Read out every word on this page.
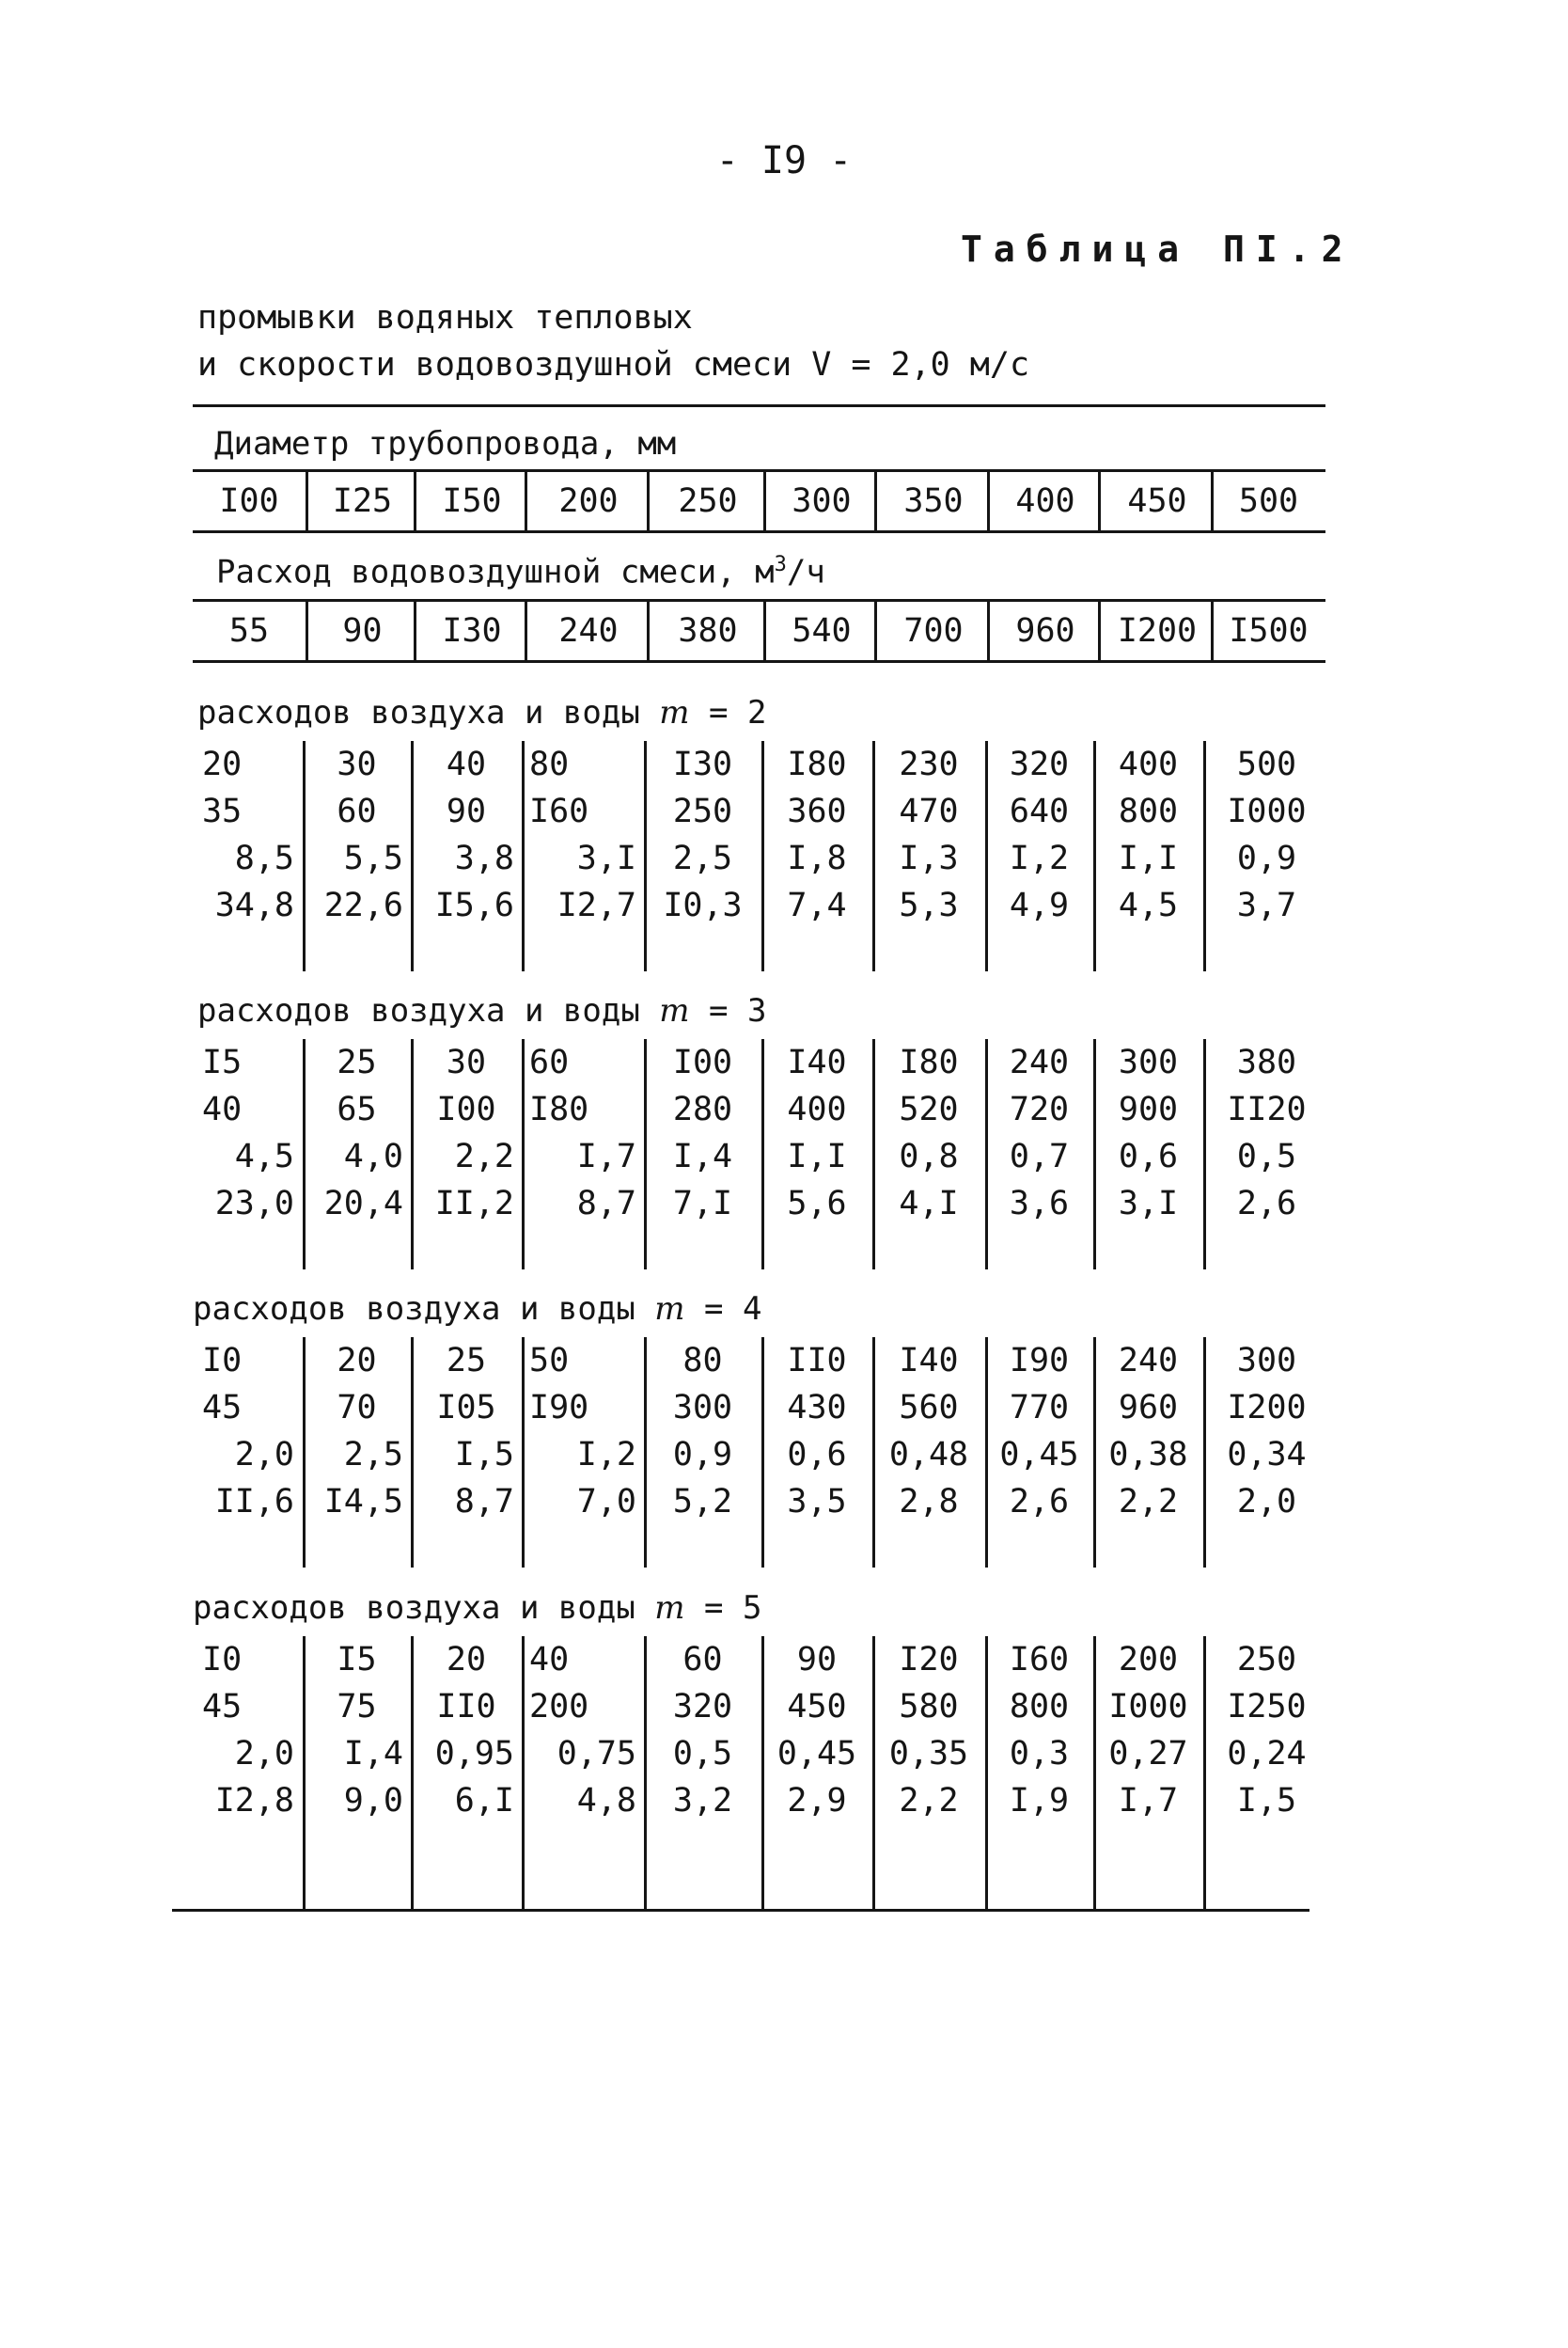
- I9 -
Таблица ПI.2
промывки водяных тепловых
и скорости водовоздушной смеси V = 2,0 м/с
Диаметр трубопровода, мм
I00	I25	I50	200	250	300	350	400	450	500
Расход водовоздушной смеси, $м^3/ч$
55	90	I30	240	380	540	700	960	I200 I500
расходов воздуха и воды m = 2
20	30	40	80	I30	I80	230	320	400	500
35	60	90	I60	250	360	470	640	800	I000
8,5	5,5	3,8	3,I	2,5	I,8	I,3	I,2	I,I	0,9
34,8 22,6 I5,6	I2,7 I0,3	7,4	5,3	4,9	4,5	3,7
расходов воздуха и воды m = 3
I5	25	30	60	I00	I40	I80	240	300	380
40	65	I00	I80	280	400	520	720	900	II20
4,5	4,0	2,2	I,7	I,4	I,I	0,8	0,7	0,6	0,5
23,0 20,4 II,2	8,7	7,I	5,6	4,I	3,6	3,I	2,6
расходов воздуха и воды m = 4
I0	20	25	50	80	II0	I40	I90	240	300
45	70	I05	I90	300	430	560	770	960	I200
2,0	2,5	I,5	I,2	0,9	0,6	0,48 0,45 0,38	0,34
II,6 I4,5	8,7	7,0	5,2	3,5	2,8	2,6	2,2	2,0
расходов воздуха и воды m = 5
I0	I5	20	40	60	90	I20	I60	200	250
45	75	II0	200	320	450	580	800	I000	I250
2,0	I,4 0,95	0,75	0,5	0,45 0,35	0,3	0,27	0,24
I2,8	9,0	6,I	4,8	3,2	2,9	2,2	I,9	I,7	I,5
